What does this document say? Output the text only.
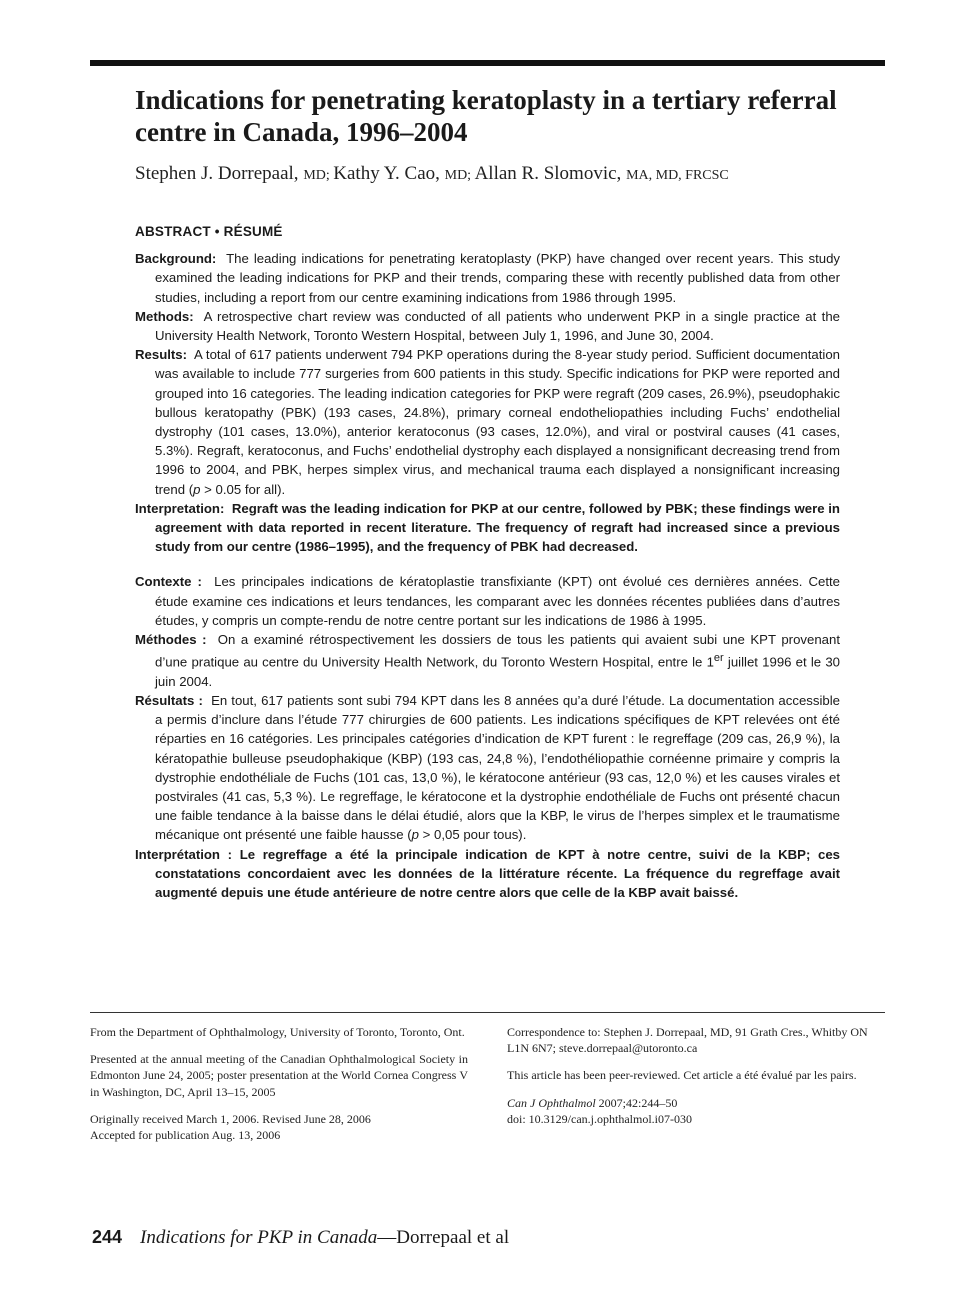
Indications for penetrating keratoplasty in a tertiary referral centre in Canada, 1996–2004
Stephen J. Dorrepaal, MD; Kathy Y. Cao, MD; Allan R. Slomovic, MA, MD, FRCSC
ABSTRACT • RÉSUMÉ

Background: The leading indications for penetrating keratoplasty (PKP) have changed over recent years. This study examined the leading indications for PKP and their trends, comparing these with recently published data from other studies, including a report from our centre examining indications from 1986 through 1995.

Methods: A retrospective chart review was conducted of all patients who underwent PKP in a single practice at the University Health Network, Toronto Western Hospital, between July 1, 1996, and June 30, 2004.

Results: A total of 617 patients underwent 794 PKP operations during the 8-year study period. Sufficient documentation was available to include 777 surgeries from 600 patients in this study. Specific indications for PKP were reported and grouped into 16 categories. The leading indication categories for PKP were regraft (209 cases, 26.9%), pseudophakic bullous keratopathy (PBK) (193 cases, 24.8%), primary corneal endotheliopathies including Fuchs’ endothelial dystrophy (101 cases, 13.0%), anterior keratoconus (93 cases, 12.0%), and viral or postviral causes (41 cases, 5.3%). Regraft, keratoconus, and Fuchs’ endothelial dystrophy each displayed a nonsignificant decreasing trend from 1996 to 2004, and PBK, herpes simplex virus, and mechanical trauma each displayed a nonsignificant increasing trend (p > 0.05 for all).

Interpretation: Regraft was the leading indication for PKP at our centre, followed by PBK; these findings were in agreement with data reported in recent literature. The frequency of regraft had increased since a previous study from our centre (1986–1995), and the frequency of PBK had decreased.

Contexte : Les principales indications de kératoplastie transfixiante (KPT) ont évolué ces dernières années. Cette étude examine ces indications et leurs tendances, les comparant avec les données récentes publiées dans d’autres études, y compris un compte-rendu de notre centre portant sur les indications de 1986 à 1995.

Méthodes : On a examiné rétrospectivement les dossiers de tous les patients qui avaient subi une KPT provenant d’une pratique au centre du University Health Network, du Toronto Western Hospital, entre le 1er juillet 1996 et le 30 juin 2004.

Résultats : En tout, 617 patients sont subi 794 KPT dans les 8 années qu’a duré l’étude. La documentation accessible a permis d’inclure dans l’étude 777 chirurgies de 600 patients. Les indications spécifiques de KPT relevées ont été réparties en 16 catégories. Les principales catégories d’indication de KPT furent : le regreffage (209 cas, 26,9 %), la kératopathie bulleuse pseudophakique (KBP) (193 cas, 24,8 %), l’endothéliopathie cornéenne primaire y compris la dystrophie endothéliale de Fuchs (101 cas, 13,0 %), le kératocone antérieur (93 cas, 12,0 %) et les causes virales et postvirales (41 cas, 5,3 %). Le regreffage, le kératocone et la dystrophie endothéliale de Fuchs ont présenté chacun une faible tendance à la baisse dans le délai étudié, alors que la KBP, le virus de l’herpes simplex et le traumatisme mécanique ont présenté une faible hausse (p > 0,05 pour tous).

Interprétation : Le regreffage a été la principale indication de KPT à notre centre, suivi de la KBP; ces constatations concordaient avec les données de la littérature récente. La fréquence du regreffage avait augmenté depuis une étude antérieure de notre centre alors que celle de la KBP avait baissé.

From the Department of Ophthalmology, University of Toronto, Toronto, Ont.

Presented at the annual meeting of the Canadian Ophthalmological Society in Edmonton June 24, 2005; poster presentation at the World Cornea Congress V in Washington, DC, April 13–15, 2005

Originally received March 1, 2006. Revised June 28, 2006
Accepted for publication Aug. 13, 2006

Correspondence to: Stephen J. Dorrepaal, MD, 91 Grath Cres., Whitby ON L1N 6N7; steve.dorrepaal@utoronto.ca

This article has been peer-reviewed. Cet article a été évalué par les pairs.

Can J Ophthalmol 2007;42:244–50
doi: 10.3129/can.j.ophthalmol.i07-030

244 Indications for PKP in Canada—Dorrepaal et al
